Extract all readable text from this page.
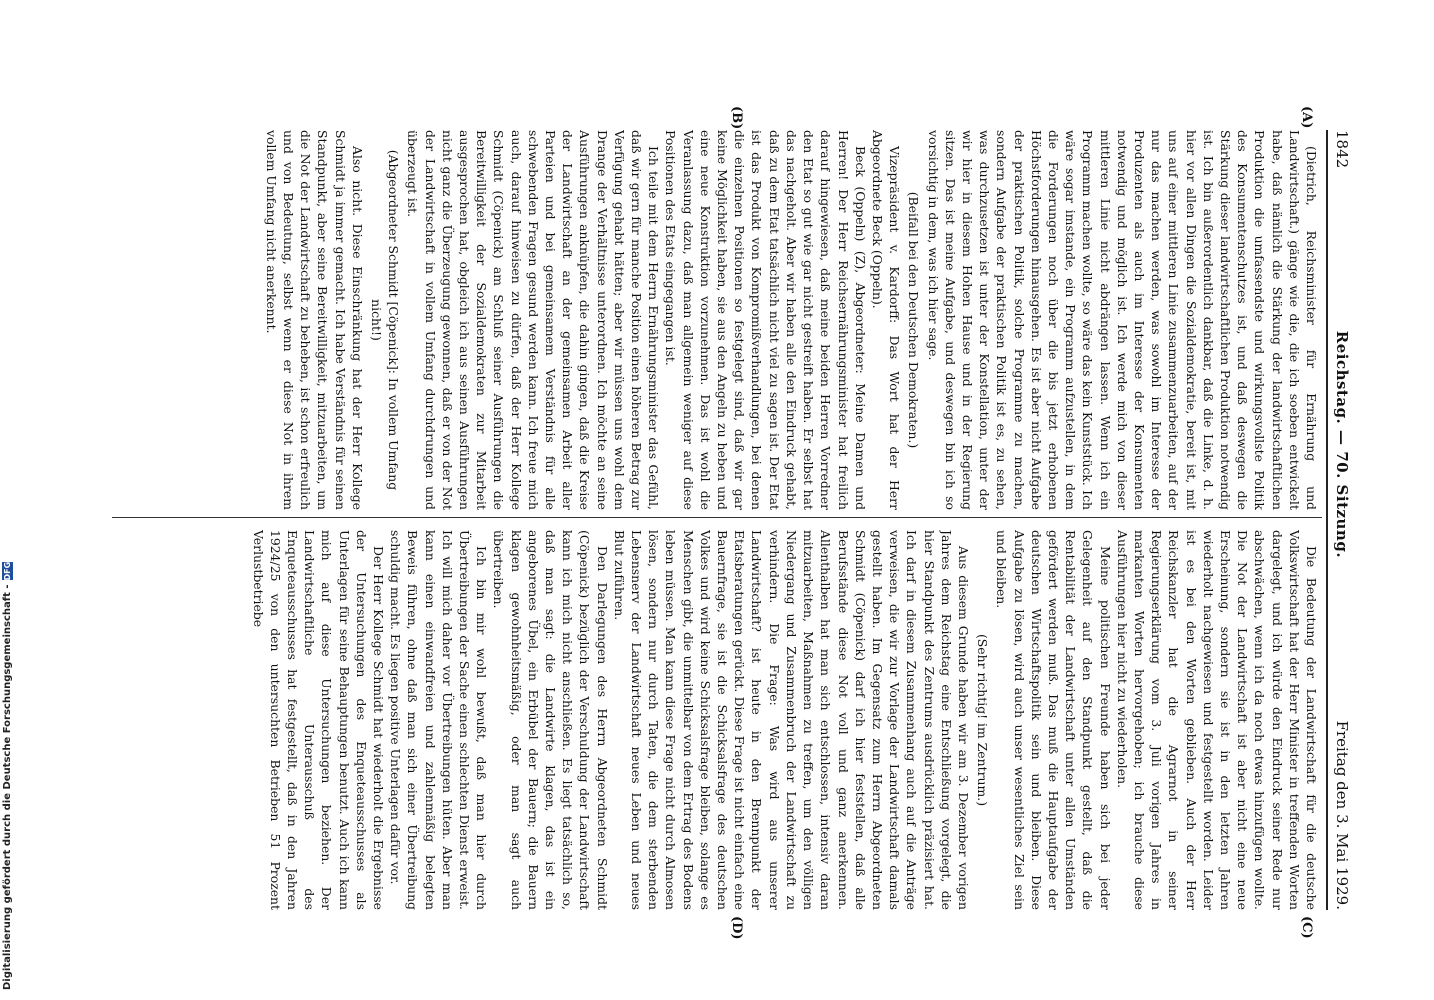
1842
Reichstag. — 70. Sitzung.
Freitag den 3. Mai 1929.
(A)
(B)
(C)
(D)

(Dietrich, Reichsminister für Ernährung und Landwirtschaft.) gänge wie die, die ich soeben entwickelt habe, daß nämlich die Stärkung der landwirtschaftlichen Produktion die umfassendste und wirkungsvollste Politik des Konsumentenschutzes ist, und daß deswegen die Stärkung dieser landwirtschaftlichen Produktion notwendig ist. Ich bin außerordentlich dankbar, daß die Linke, d. h. hier vor allen Dingen die Sozialdemokratie, bereit ist, mit uns auf einer mittleren Linie zusammenzuarbeiten, auf der nur das machen werden, was sowohl im Interesse der Produzenten als auch im Interesse der Konsumenten notwendig und möglich ist. Ich werde mich von dieser mittleren Linie nicht abdrängen lassen. Wenn ich ein Programm machen wollte, so wäre das kein Kunststück. Ich wäre sogar imstande, ein Programm aufzustellen, in dem die Forderungen noch über die bis jetzt erhobenen Höchstforderungen hinausgehen. Es ist aber nicht Aufgabe der praktischen Politik, solche Programme zu machen, sondern Aufgabe der praktischen Politik ist es, zu sehen, was durchzusetzen ist unter der Konstellation, unter der wir hier in diesem Hohen Hause und in der Regierung sitzen. Das ist meine Aufgabe, und deswegen bin ich so vorsichtig in dem, was ich hier sage.

(Beifall bei den Deutschen Demokraten.)

Vizepräsident v. Kardorff: Das Wort hat der Herr Abgeordnete Beck (Oppeln).

Beck (Oppeln) (Z), Abgeordneter: Meine Damen und Herren! Der Herr Reichsernährungsminister hat freilich darauf hingewiesen, daß meine beiden Herren Vorredner den Etat so gut wie gar nicht gestreift haben. Er selbst hat das nachgeholt. Aber wir haben alle den Eindruck gehabt, daß zu dem Etat tatsächlich nicht viel zu sagen ist. Der Etat ist das Produkt von Kompromißverhandlungen, bei denen die einzelnen Positionen so festgelegt sind, daß wir gar keine Möglichkeit haben, sie aus den Angeln zu heben und eine neue Konstruktion vorzunehmen. Das ist wohl die Veranlassung dazu, daß man allgemein weniger auf diese Positionen des Etats eingegangen ist.

Ich teile mit dem Herrn Ernährungsminister das Gefühl, daß wir gern für manche Position einen höheren Betrag zur Verfügung gehabt hätten; aber wir müssen uns wohl dem Drange der Verhältnisse unterordnen. Ich möchte an seine Ausführungen anknüpfen, die dahin gingen, daß die Kreise der Landwirtschaft an der gemeinsamen Arbeit aller Parteien und bei gemeinsamem Verständnis für alle schwebenden Fragen gesund werden kann. Ich freue mich auch, darauf hinweisen zu dürfen, daß der Herr Kollege Schmidt (Cöpenick) am Schluß seiner Ausführungen die Bereitwilligkeit der Sozialdemokraten zur Mitarbeit ausgesprochen hat, obgleich ich aus seinen Ausführungen nicht ganz die Überzeugung gewonnen, daß er von der Not der Landwirtschaft in vollem Umfang durchdrungen und überzeugt ist.

(Abgeordneter Schmidt [Cöpenick]: In vollem Umfang nicht!)

Also nicht. Diese Einschränkung hat der Herr Kollege Schmidt ja immer gemacht. Ich habe Verständnis für seinen Standpunkt, aber seine Bereitwilligkeit, mitzuarbeiten, um die Not der Landwirtschaft zu beheben, ist schon erfreulich und von Bedeutung, selbst wenn er diese Not in ihrem vollem Umfang nicht anerkennt.

Die Bedeutung der Landwirtschaft für die deutsche Volkswirtschaft hat der Herr Minister in treffenden Worten dargelegt, und ich würde den Eindruck seiner Rede nur abschwächen, wenn ich da noch etwas hinzufügen wollte. Die Not der Landwirtschaft ist aber nicht eine neue Erscheinung, sondern sie ist in den letzten Jahren wiederholt nachgewiesen und festgestellt worden. Leider ist es bei den Worten geblieben. Auch der Herr Reichskanzler hat die Agrarnot in seiner Regierungserklärung vom 3. Juli vorigen Jahres in markanten Worten hervorgehoben; ich brauche diese Ausführungen hier nicht zu wiederholen.

Meine politischen Freunde haben sich bei jeder Gelegenheit auf den Standpunkt gestellt, daß die Rentabilität der Landwirtschaft unter allen Umständen gefördert werden muß. Das muß die Hauptaufgabe der deutschen Wirtschaftspolitik sein und bleiben. Diese Aufgabe zu lösen, wird auch unser wesentliches Ziel sein und bleiben.

(Sehr richtig! im Zentrum.)

Aus diesem Grunde haben wir am 3. Dezember vorigen Jahres dem Reichstag eine Entschließung vorgelegt, die hier Standpunkt des Zentrums ausdrücklich präzisiert hat. Ich darf in diesem Zusammenhang auch auf die Anträge verweisen, die wir zur Vorlage der Landwirtschaft damals gestellt haben. Im Gegensatz zum Herrn Abgeordneten Schmidt (Cöpenick) darf ich hier feststellen, daß alle Berufsstände diese Not voll und ganz anerkennen. Allenthalben hat man sich entschlossen, intensiv daran mitzuarbeiten, Maßnahmen zu treffen, um den völligen Niedergang und Zusammenbruch der Landwirtschaft zu verhindern. Die Frage: Was wird aus unserer Landwirtschaft? ist heute in den Brennpunkt der Etatsberatungen gerückt. Diese Frage ist nicht einfach eine Bauernfrage, sie ist die Schicksalsfrage des deutschen Volkes und wird keine Schicksalsfrage bleiben, solange es Menschen gibt, die unmittelbar von dem Ertrag des Bodens leben müssen. Man kann diese Frage nicht durch Almosen lösen, sondern nur durch Taten, die dem sterbenden Lebensnerv der Landwirtschaft neues Leben und neues Blut zuführen.

Den Darlegungen des Herrn Abgeordneten Schmidt (Cöpenick) bezüglich der Verschuldung der Landwirtschaft kann ich mich nicht anschließen. Es liegt tatsächlich so, daß man sagt: die Landwirte klagen, das ist ein angeborenes Übel, ein Erbübel der Bauern; die Bauern klagen gewohnheitsmäßig, oder man sagt auch übertreiben.

Ich bin mir wohl bewußt, daß man hier durch Übertreibungen der Sache einen schlechten Dienst erweist. Ich will mich daher vor Übertreibungen hüten. Aber man kann einen einwandfreien und zahlenmäßig belegten Beweis führen, ohne daß man sich einer Übertreibung schuldig macht. Es liegen positive Unterlagen dafür vor.

Der Herr Kollege Schmidt hat wiederholt die Ergebnisse der Untersuchungen des Enqueteausschusses als Unterlagen für seine Behauptungen benutzt. Auch ich kann mich auf diese Untersuchungen beziehen. Der Landwirtschaftliche Unterausschuß des Enqueteausschusses hat festgestellt, daß in den Jahren 1924/25 von den untersuchten Betrieben 51 Prozent Verlustbetriebe

Digitalisierung gefördert durch die Deutsche Forschungsgemeinschaft -
DFG
